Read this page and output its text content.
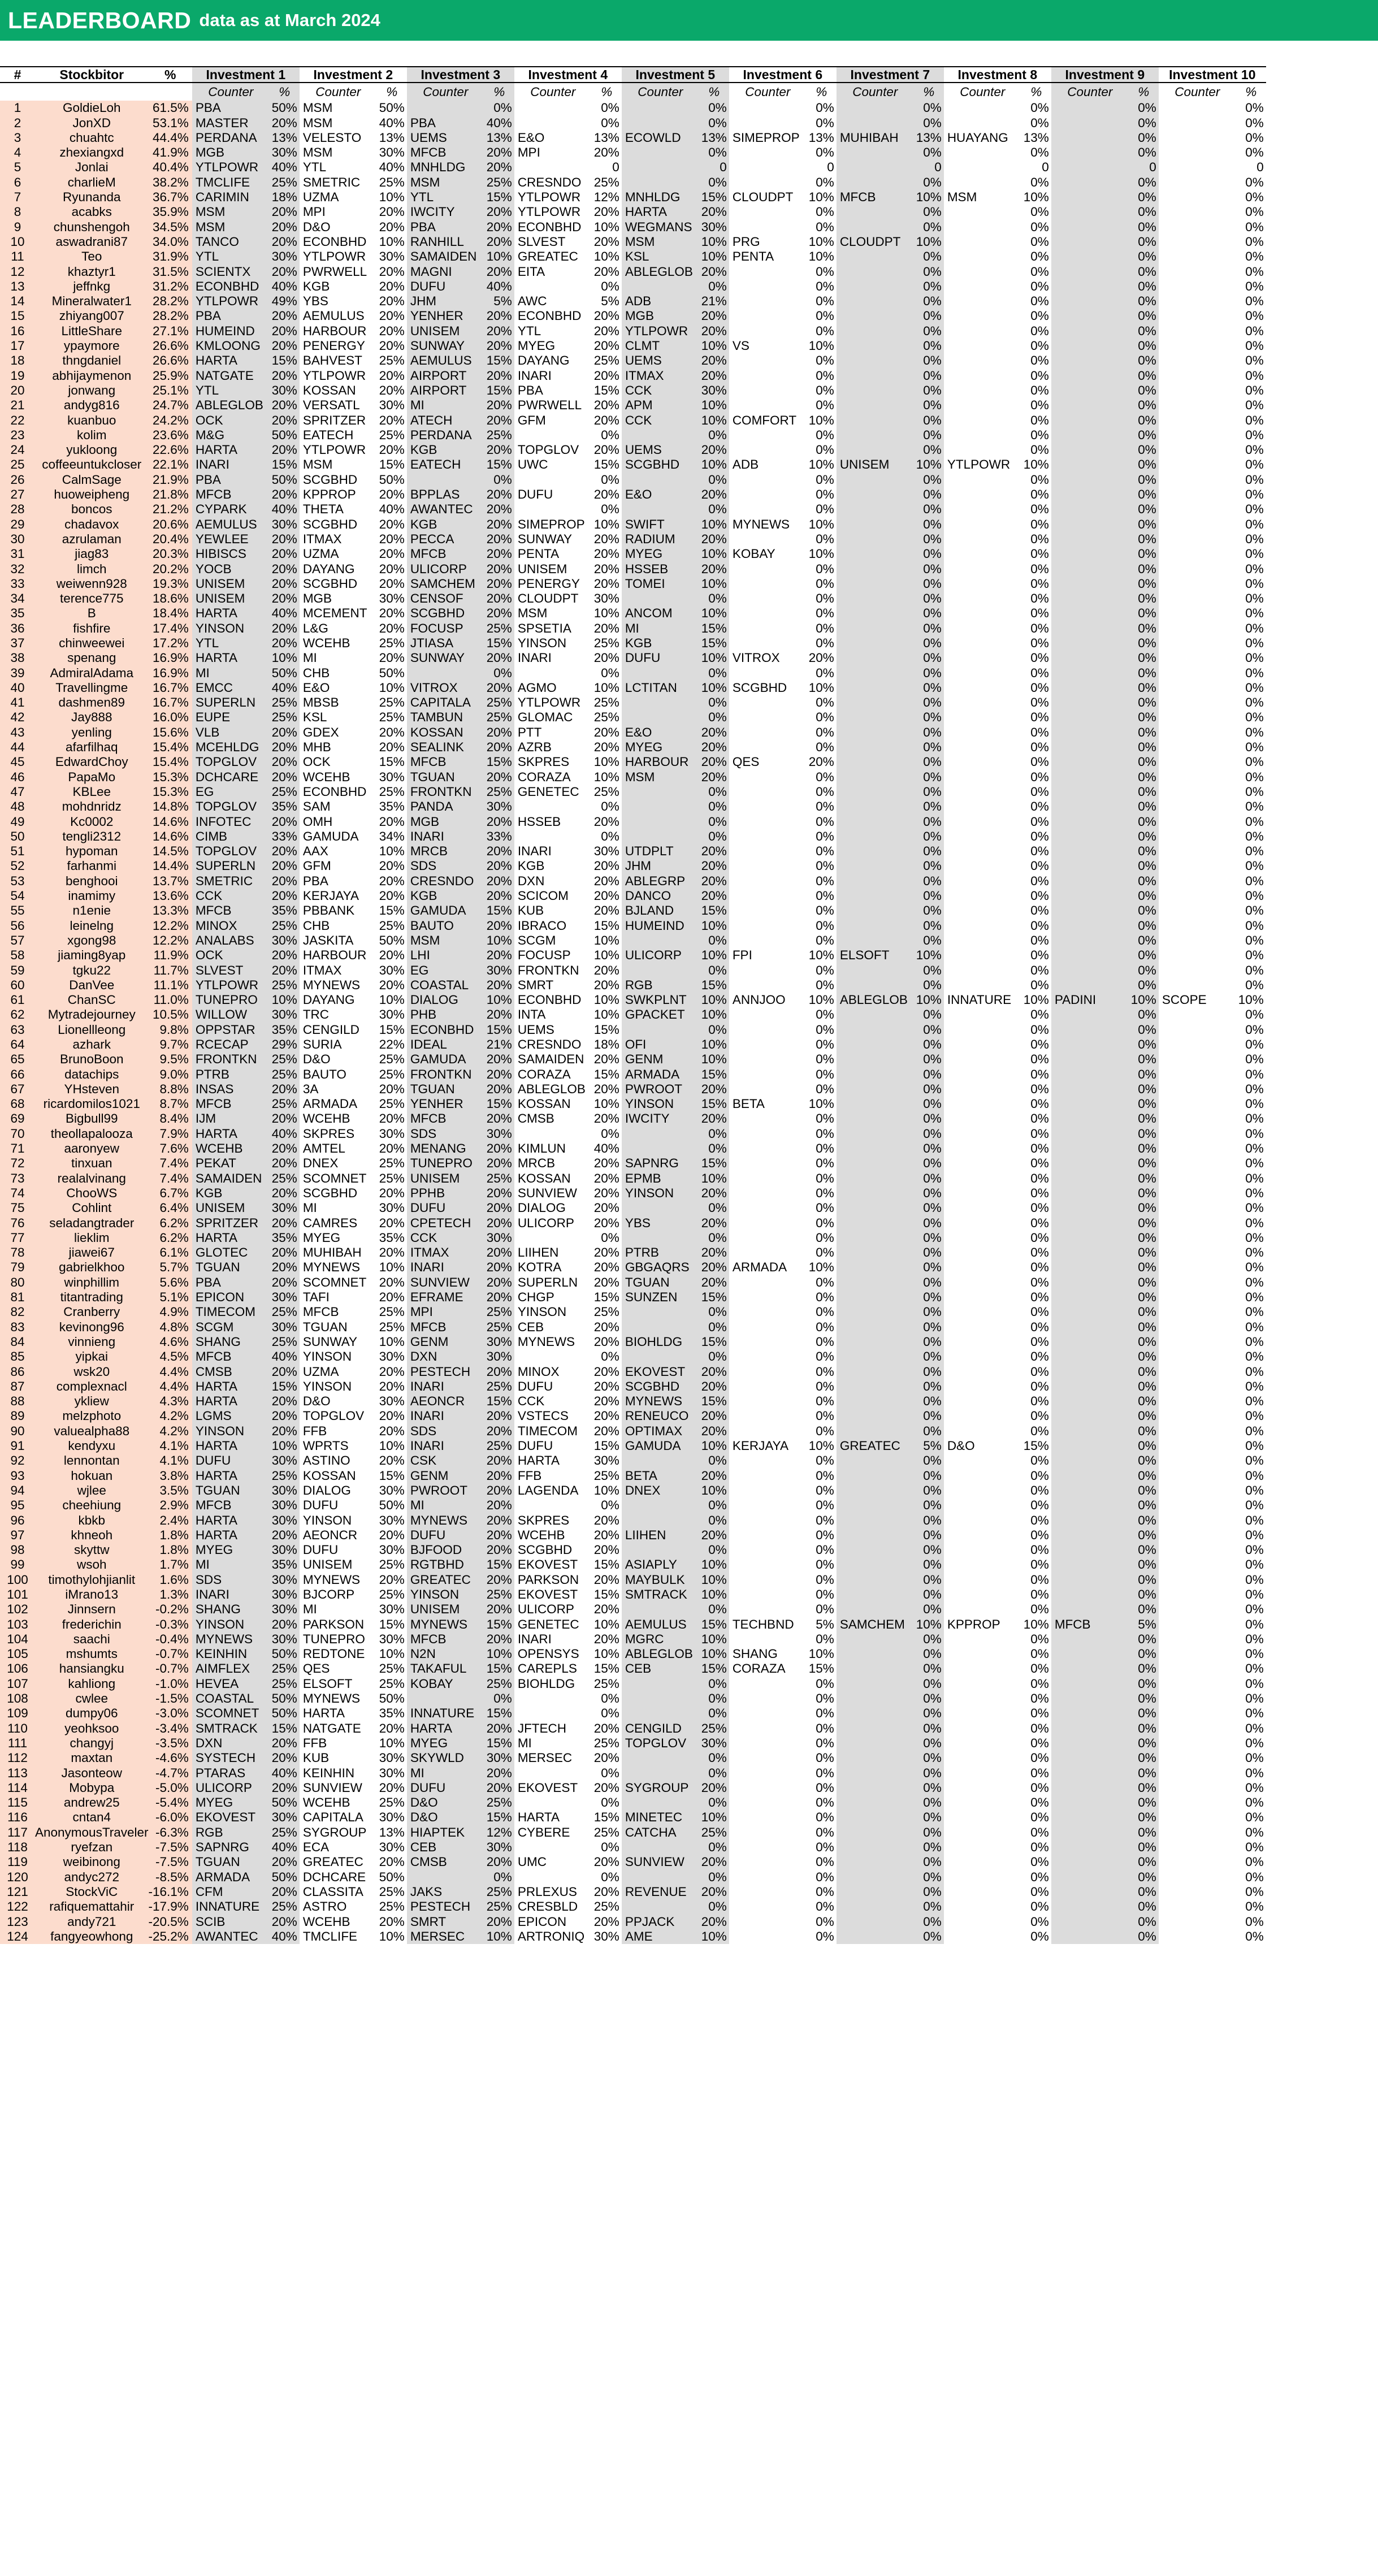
LEADERBOARD data as at March 2024
#	Stockbitor	%	Investment 1		Investment 2		Investment 3		Investment 4		Investment 5		Investment 6		Investment 7		Investment 8		Investment 9		Investment 10	
			Counter	%	Counter	%	Counter	%	Counter	%	Counter	%	Counter	%	Counter	%	Counter	%	Counter	%	Counter	%
1	GoldieLoh	61.5%	PBA	50%	MSM	50%		0%		0%		0%		0%		0%		0%		0%		0%
2	JonXD	53.1%	MASTER	20%	MSM	40%	PBA	40%		0%		0%		0%		0%		0%		0%		0%
3	chuahtc	44.4%	PERDANA	13%	VELESTO	13%	UEMS	13%	E&O	13%	ECOWLD	13%	SIMEPROP	13%	MUHIBAH	13%	HUAYANG	13%		0%		0%
4	zhexiangxd	41.9%	MGB	30%	MSM	30%	MFCB	20%	MPI	20%		0%		0%		0%		0%		0%		0%
5	Jonlai	40.4%	YTLPOWR	40%	YTL	40%	MNHLDG	20%		0		0		0		0		0		0		0
6	charlieM	38.2%	TMCLIFE	25%	SMETRIC	25%	MSM	25%	CRESNDO	25%		0%		0%		0%		0%		0%		0%
7	Ryunanda	36.7%	CARIMIN	18%	UZMA	10%	YTL	15%	YTLPOWR	12%	MNHLDG	15%	CLOUDPT	10%	MFCB	10%	MSM	10%		0%		0%
8	acabks	35.9%	MSM	20%	MPI	20%	IWCITY	20%	YTLPOWR	20%	HARTA	20%		0%		0%		0%		0%		0%
9	chunshengoh	34.5%	MSM	20%	D&O	20%	PBA	20%	ECONBHD	10%	WEGMANS	30%		0%		0%		0%		0%		0%
10	aswadrani87	34.0%	TANCO	20%	ECONBHD	10%	RANHILL	20%	SLVEST	20%	MSM	10%	PRG	10%	CLOUDPT	10%		0%		0%		0%
11	Teo	31.9%	YTL	30%	YTLPOWR	30%	SAMAIDEN	10%	GREATEC	10%	KSL	10%	PENTA	10%		0%		0%		0%		0%
12	khaztyr1	31.5%	SCIENTX	20%	PWRWELL	20%	MAGNI	20%	EITA	20%	ABLEGLOB	20%		0%		0%		0%		0%		0%
13	jeffnkg	31.2%	ECONBHD	40%	KGB	20%	DUFU	40%		0%		0%		0%		0%		0%		0%		0%
14	Mineralwater1	28.2%	YTLPOWR	49%	YBS	20%	JHM	5%	AWC	5%	ADB	21%		0%		0%		0%		0%		0%
15	zhiyang007	28.2%	PBA	20%	AEMULUS	20%	YENHER	20%	ECONBHD	20%	MGB	20%		0%		0%		0%		0%		0%
16	LittleShare	27.1%	HUMEIND	20%	HARBOUR	20%	UNISEM	20%	YTL	20%	YTLPOWR	20%		0%		0%		0%		0%		0%
17	ypaymore	26.6%	KMLOONG	20%	PENERGY	20%	SUNWAY	20%	MYEG	20%	CLMT	10%	VS	10%		0%		0%		0%		0%
18	thngdaniel	26.6%	HARTA	15%	BAHVEST	25%	AEMULUS	15%	DAYANG	25%	UEMS	20%		0%		0%		0%		0%		0%
19	abhijaymenon	25.9%	NATGATE	20%	YTLPOWR	20%	AIRPORT	20%	INARI	20%	ITMAX	20%		0%		0%		0%		0%		0%
20	jonwang	25.1%	YTL	30%	KOSSAN	20%	AIRPORT	15%	PBA	15%	CCK	30%		0%		0%		0%		0%		0%
21	andyg816	24.7%	ABLEGLOB	20%	VERSATL	30%	MI	20%	PWRWELL	20%	APM	10%		0%		0%		0%		0%		0%
22	kuanbuo	24.2%	OCK	20%	SPRITZER	20%	ATECH	20%	GFM	20%	CCK	10%	COMFORT	10%		0%		0%		0%		0%
23	kolim	23.6%	M&G	50%	EATECH	25%	PERDANA	25%		0%		0%		0%		0%		0%		0%		0%
24	yukloong	22.6%	HARTA	20%	YTLPOWR	20%	KGB	20%	TOPGLOV	20%	UEMS	20%		0%		0%		0%		0%		0%
25	coffeeuntukcloser	22.1%	INARI	15%	MSM	15%	EATECH	15%	UWC	15%	SCGBHD	10%	ADB	10%	UNISEM	10%	YTLPOWR	10%		0%		0%
26	CalmSage	21.9%	PBA	50%	SCGBHD	50%		0%		0%		0%		0%		0%		0%		0%		0%
27	huoweipheng	21.8%	MFCB	20%	KPPROP	20%	BPPLAS	20%	DUFU	20%	E&O	20%		0%		0%		0%		0%		0%
28	boncos	21.2%	CYPARK	40%	THETA	40%	AWANTEC	20%		0%		0%		0%		0%		0%		0%		0%
29	chadavox	20.6%	AEMULUS	30%	SCGBHD	20%	KGB	20%	SIMEPROP	10%	SWIFT	10%	MYNEWS	10%		0%		0%		0%		0%
30	azrulaman	20.4%	YEWLEE	20%	ITMAX	20%	PECCA	20%	SUNWAY	20%	RADIUM	20%		0%		0%		0%		0%		0%
31	jiag83	20.3%	HIBISCS	20%	UZMA	20%	MFCB	20%	PENTA	20%	MYEG	10%	KOBAY	10%		0%		0%		0%		0%
32	limch	20.2%	YOCB	20%	DAYANG	20%	ULICORP	20%	UNISEM	20%	HSSEB	20%		0%		0%		0%		0%		0%
33	weiwenn928	19.3%	UNISEM	20%	SCGBHD	20%	SAMCHEM	20%	PENERGY	20%	TOMEI	10%		0%		0%		0%		0%		0%
34	terence775	18.6%	UNISEM	20%	MGB	30%	CENSOF	20%	CLOUDPT	30%		0%		0%		0%		0%		0%		0%
35	B	18.4%	HARTA	40%	MCEMENT	20%	SCGBHD	20%	MSM	10%	ANCOM	10%		0%		0%		0%		0%		0%
36	fishfire	17.4%	YINSON	20%	L&G	20%	FOCUSP	25%	SPSETIA	20%	MI	15%		0%		0%		0%		0%		0%
37	chinweewei	17.2%	YTL	20%	WCEHB	25%	JTIASA	15%	YINSON	25%	KGB	15%		0%		0%		0%		0%		0%
38	spenang	16.9%	HARTA	10%	MI	20%	SUNWAY	20%	INARI	20%	DUFU	10%	VITROX	20%		0%		0%		0%		0%
39	AdmiralAdama	16.9%	MI	50%	CHB	50%		0%		0%		0%		0%		0%		0%		0%		0%
40	Travellingme	16.7%	EMCC	40%	E&O	10%	VITROX	20%	AGMO	10%	LCTITAN	10%	SCGBHD	10%		0%		0%		0%		0%
41	dashmen89	16.7%	SUPERLN	25%	MBSB	25%	CAPITALA	25%	YTLPOWR	25%		0%		0%		0%		0%		0%		0%
42	Jay888	16.0%	EUPE	25%	KSL	25%	TAMBUN	25%	GLOMAC	25%		0%		0%		0%		0%		0%		0%
43	yenling	15.6%	VLB	20%	GDEX	20%	KOSSAN	20%	PTT	20%	E&O	20%		0%		0%		0%		0%		0%
44	afarfilhaq	15.4%	MCEHLDG	20%	MHB	20%	SEALINK	20%	AZRB	20%	MYEG	20%		0%		0%		0%		0%		0%
45	EdwardChoy	15.4%	TOPGLOV	20%	OCK	15%	MFCB	15%	SKPRES	10%	HARBOUR	20%	QES	20%		0%		0%		0%		0%
46	PapaMo	15.3%	DCHCARE	20%	WCEHB	30%	TGUAN	20%	CORAZA	10%	MSM	20%		0%		0%		0%		0%		0%
47	KBLee	15.3%	EG	25%	ECONBHD	25%	FRONTKN	25%	GENETEC	25%		0%		0%		0%		0%		0%		0%
48	mohdnridz	14.8%	TOPGLOV	35%	SAM	35%	PANDA	30%		0%		0%		0%		0%		0%		0%		0%
49	Kc0002	14.6%	INFOTEC	20%	OMH	20%	MGB	20%	HSSEB	20%		0%		0%		0%		0%		0%		0%
50	tengli2312	14.6%	CIMB	33%	GAMUDA	34%	INARI	33%		0%		0%		0%		0%		0%		0%		0%
51	hypoman	14.5%	TOPGLOV	20%	AAX	10%	MRCB	20%	INARI	30%	UTDPLT	20%		0%		0%		0%		0%		0%
52	farhanmi	14.4%	SUPERLN	20%	GFM	20%	SDS	20%	KGB	20%	JHM	20%		0%		0%		0%		0%		0%
53	benghooi	13.7%	SMETRIC	20%	PBA	20%	CRESNDO	20%	DXN	20%	ABLEGRP	20%		0%		0%		0%		0%		0%
54	inamimy	13.6%	CCK	20%	KERJAYA	20%	KGB	20%	SCICOM	20%	DANCO	20%		0%		0%		0%		0%		0%
55	n1enie	13.3%	MFCB	35%	PBBANK	15%	GAMUDA	15%	KUB	20%	BJLAND	15%		0%		0%		0%		0%		0%
56	leinelng	12.2%	MINOX	25%	CHB	25%	BAUTO	20%	IBRACO	15%	HUMEIND	10%		0%		0%		0%		0%		0%
57	xgong98	12.2%	ANALABS	30%	JASKITA	50%	MSM	10%	SCGM	10%		0%		0%		0%		0%		0%		0%
58	jiaming8yap	11.9%	OCK	20%	HARBOUR	20%	LHI	20%	FOCUSP	10%	ULICORP	10%	FPI	10%	ELSOFT	10%		0%		0%		0%
59	tgku22	11.7%	SLVEST	20%	ITMAX	30%	EG	30%	FRONTKN	20%		0%		0%		0%		0%		0%		0%
60	DanVee	11.1%	YTLPOWR	25%	MYNEWS	20%	COASTAL	20%	SMRT	20%	RGB	15%		0%		0%		0%		0%		0%
61	ChanSC	11.0%	TUNEPRO	10%	DAYANG	10%	DIALOG	10%	ECONBHD	10%	SWKPLNT	10%	ANNJOO	10%	ABLEGLOB	10%	INNATURE	10%	PADINI	10%	SCOPE	10%
62	Mytradejourney	10.5%	WILLOW	30%	TRC	30%	PHB	20%	INTA	10%	GPACKET	10%		0%		0%		0%		0%		0%
63	Lionellleong	9.8%	OPPSTAR	35%	CENGILD	15%	ECONBHD	15%	UEMS	15%		0%		0%		0%		0%		0%		0%
64	azhark	9.7%	RCECAP	29%	SURIA	22%	IDEAL	21%	CRESNDO	18%	OFI	10%		0%		0%		0%		0%		0%
65	BrunoBoon	9.5%	FRONTKN	25%	D&O	25%	GAMUDA	20%	SAMAIDEN	20%	GENM	10%		0%		0%		0%		0%		0%
66	datachips	9.0%	PTRB	25%	BAUTO	25%	FRONTKN	20%	CORAZA	15%	ARMADA	15%		0%		0%		0%		0%		0%
67	YHsteven	8.8%	INSAS	20%	3A	20%	TGUAN	20%	ABLEGLOB	20%	PWROOT	20%		0%		0%		0%		0%		0%
68	ricardomilos1021	8.7%	MFCB	25%	ARMADA	25%	YENHER	15%	KOSSAN	10%	YINSON	15%	BETA	10%		0%		0%		0%		0%
69	Bigbull99	8.4%	IJM	20%	WCEHB	20%	MFCB	20%	CMSB	20%	IWCITY	20%		0%		0%		0%		0%		0%
70	theollapalooza	7.9%	HARTA	40%	SKPRES	30%	SDS	30%		0%		0%		0%		0%		0%		0%		0%
71	aaronyew	7.6%	WCEHB	20%	AMTEL	20%	MENANG	20%	KIMLUN	40%		0%		0%		0%		0%		0%		0%
72	tinxuan	7.4%	PEKAT	20%	DNEX	25%	TUNEPRO	20%	MRCB	20%	SAPNRG	15%		0%		0%		0%		0%		0%
73	realalvinang	7.4%	SAMAIDEN	25%	SCOMNET	25%	UNISEM	25%	KOSSAN	20%	EPMB	10%		0%		0%		0%		0%		0%
74	ChooWS	6.7%	KGB	20%	SCGBHD	20%	PPHB	20%	SUNVIEW	20%	YINSON	20%		0%		0%		0%		0%		0%
75	Cohlint	6.4%	UNISEM	30%	MI	30%	DUFU	20%	DIALOG	20%		0%		0%		0%		0%		0%		0%
76	seladangtrader	6.2%	SPRITZER	20%	CAMRES	20%	CPETECH	20%	ULICORP	20%	YBS	20%		0%		0%		0%		0%		0%
77	lieklim	6.2%	HARTA	35%	MYEG	35%	CCK	30%		0%		0%		0%		0%		0%		0%		0%
78	jiawei67	6.1%	GLOTEC	20%	MUHIBAH	20%	ITMAX	20%	LIIHEN	20%	PTRB	20%		0%		0%		0%		0%		0%
79	gabrielkhoo	5.7%	TGUAN	20%	MYNEWS	10%	INARI	20%	KOTRA	20%	GBGAQRS	20%	ARMADA	10%		0%		0%		0%		0%
80	winphillim	5.6%	PBA	20%	SCOMNET	20%	SUNVIEW	20%	SUPERLN	20%	TGUAN	20%		0%		0%		0%		0%		0%
81	titantrading	5.1%	EPICON	30%	TAFI	20%	EFRAME	20%	CHGP	15%	SUNZEN	15%		0%		0%		0%		0%		0%
82	Cranberry	4.9%	TIMECOM	25%	MFCB	25%	MPI	25%	YINSON	25%		0%		0%		0%		0%		0%		0%
83	kevinong96	4.8%	SCGM	30%	TGUAN	25%	MFCB	25%	CEB	20%		0%		0%		0%		0%		0%		0%
84	vinnieng	4.6%	SHANG	25%	SUNWAY	10%	GENM	30%	MYNEWS	20%	BIOHLDG	15%		0%		0%		0%		0%		0%
85	yipkai	4.5%	MFCB	40%	YINSON	30%	DXN	30%		0%		0%		0%		0%		0%		0%		0%
86	wsk20	4.4%	CMSB	20%	UZMA	20%	PESTECH	20%	MINOX	20%	EKOVEST	20%		0%		0%		0%		0%		0%
87	complexnacl	4.4%	HARTA	15%	YINSON	20%	INARI	25%	DUFU	20%	SCGBHD	20%		0%		0%		0%		0%		0%
88	ykliew	4.3%	HARTA	20%	D&O	30%	AEONCR	15%	CCK	20%	MYNEWS	15%		0%		0%		0%		0%		0%
89	melzphoto	4.2%	LGMS	20%	TOPGLOV	20%	INARI	20%	VSTECS	20%	RENEUCO	20%		0%		0%		0%		0%		0%
90	valuealpha88	4.2%	YINSON	20%	FFB	20%	SDS	20%	TIMECOM	20%	OPTIMAX	20%		0%		0%		0%		0%		0%
91	kendyxu	4.1%	HARTA	10%	WPRTS	10%	INARI	25%	DUFU	15%	GAMUDA	10%	KERJAYA	10%	GREATEC	5%	D&O	15%		0%		0%
92	lennontan	4.1%	DUFU	30%	ASTINO	20%	CSK	20%	HARTA	30%		0%		0%		0%		0%		0%		0%
93	hokuan	3.8%	HARTA	25%	KOSSAN	15%	GENM	20%	FFB	25%	BETA	20%		0%		0%		0%		0%		0%
94	wjlee	3.5%	TGUAN	30%	DIALOG	30%	PWROOT	20%	LAGENDA	10%	DNEX	10%		0%		0%		0%		0%		0%
95	cheehiung	2.9%	MFCB	30%	DUFU	50%	MI	20%		0%		0%		0%		0%		0%		0%		0%
96	kbkb	2.4%	HARTA	30%	YINSON	30%	MYNEWS	20%	SKPRES	20%		0%		0%		0%		0%		0%		0%
97	khneoh	1.8%	HARTA	20%	AEONCR	20%	DUFU	20%	WCEHB	20%	LIIHEN	20%		0%		0%		0%		0%		0%
98	skyttw	1.8%	MYEG	30%	DUFU	30%	BJFOOD	20%	SCGBHD	20%		0%		0%		0%		0%		0%		0%
99	wsoh	1.7%	MI	35%	UNISEM	25%	RGTBHD	15%	EKOVEST	15%	ASIAPLY	10%		0%		0%		0%		0%		0%
100	timothylohjianlit	1.6%	SDS	30%	MYNEWS	20%	GREATEC	20%	PARKSON	20%	MAYBULK	10%		0%		0%		0%		0%		0%
101	iMrano13	1.3%	INARI	30%	BJCORP	25%	YINSON	25%	EKOVEST	15%	SMTRACK	10%		0%		0%		0%		0%		0%
102	Jinnsern	-0.2%	SHANG	30%	MI	30%	UNISEM	20%	ULICORP	20%		0%		0%		0%		0%		0%		0%
103	frederichin	-0.3%	YINSON	20%	PARKSON	15%	MYNEWS	15%	GENETEC	10%	AEMULUS	15%	TECHBND	5%	SAMCHEM	10%	KPPROP	10%	MFCB	5%		0%
104	saachi	-0.4%	MYNEWS	30%	TUNEPRO	30%	MFCB	20%	INARI	20%	MGRC	10%		0%		0%		0%		0%		0%
105	mshumts	-0.7%	KEINHIN	50%	REDTONE	10%	N2N	10%	OPENSYS	10%	ABLEGLOB	10%	SHANG	10%		0%		0%		0%		0%
106	hansiangku	-0.7%	AIMFLEX	25%	QES	25%	TAKAFUL	15%	CAREPLS	15%	CEB	15%	CORAZA	15%		0%		0%		0%		0%
107	kahliong	-1.0%	HEVEA	25%	ELSOFT	25%	KOBAY	25%	BIOHLDG	25%		0%		0%		0%		0%		0%		0%
108	cwlee	-1.5%	COASTAL	50%	MYNEWS	50%		0%		0%		0%		0%		0%		0%		0%		0%
109	dumpy06	-3.0%	SCOMNET	50%	HARTA	35%	INNATURE	15%		0%		0%		0%		0%		0%		0%		0%
110	yeohksoo	-3.4%	SMTRACK	15%	NATGATE	20%	HARTA	20%	JFTECH	20%	CENGILD	25%		0%		0%		0%		0%		0%
111	changyj	-3.5%	DXN	20%	FFB	10%	MYEG	15%	MI	25%	TOPGLOV	30%		0%		0%		0%		0%		0%
112	maxtan	-4.6%	SYSTECH	20%	KUB	30%	SKYWLD	30%	MERSEC	20%		0%		0%		0%		0%		0%		0%
113	Jasonteow	-4.7%	PTARAS	40%	KEINHIN	30%	MI	20%		0%		0%		0%		0%		0%		0%		0%
114	Mobypa	-5.0%	ULICORP	20%	SUNVIEW	20%	DUFU	20%	EKOVEST	20%	SYGROUP	20%		0%		0%		0%		0%		0%
115	andrew25	-5.4%	MYEG	50%	WCEHB	25%	D&O	25%		0%		0%		0%		0%		0%		0%		0%
116	cntan4	-6.0%	EKOVEST	30%	CAPITALA	30%	D&O	15%	HARTA	15%	MINETEC	10%		0%		0%		0%		0%		0%
117	AnonymousTraveler	-6.3%	RGB	25%	SYGROUP	13%	HIAPTEK	12%	CYBERE	25%	CATCHA	25%		0%		0%		0%		0%		0%
118	ryefzan	-7.5%	SAPNRG	40%	ECA	30%	CEB	30%		0%		0%		0%		0%		0%		0%		0%
119	weibinong	-7.5%	TGUAN	20%	GREATEC	20%	CMSB	20%	UMC	20%	SUNVIEW	20%		0%		0%		0%		0%		0%
120	andyc272	-8.5%	ARMADA	50%	DCHCARE	50%		0%		0%		0%		0%		0%		0%		0%		0%
121	StockViC	-16.1%	CFM	20%	CLASSITA	25%	JAKS	25%	PRLEXUS	20%	REVENUE	20%		0%		0%		0%		0%		0%
122	rafiquemattahir	-17.9%	INNATURE	25%	ASTRO	25%	PESTECH	25%	CRESBLD	25%		0%		0%		0%		0%		0%		0%
123	andy721	-20.5%	SCIB	20%	WCEHB	20%	SMRT	20%	EPICON	20%	PPJACK	20%		0%		0%		0%		0%		0%
124	fangyeowhong	-25.2%	AWANTEC	40%	TMCLIFE	10%	MERSEC	10%	ARTRONIQ	30%	AME	10%		0%		0%		0%		0%		0%
